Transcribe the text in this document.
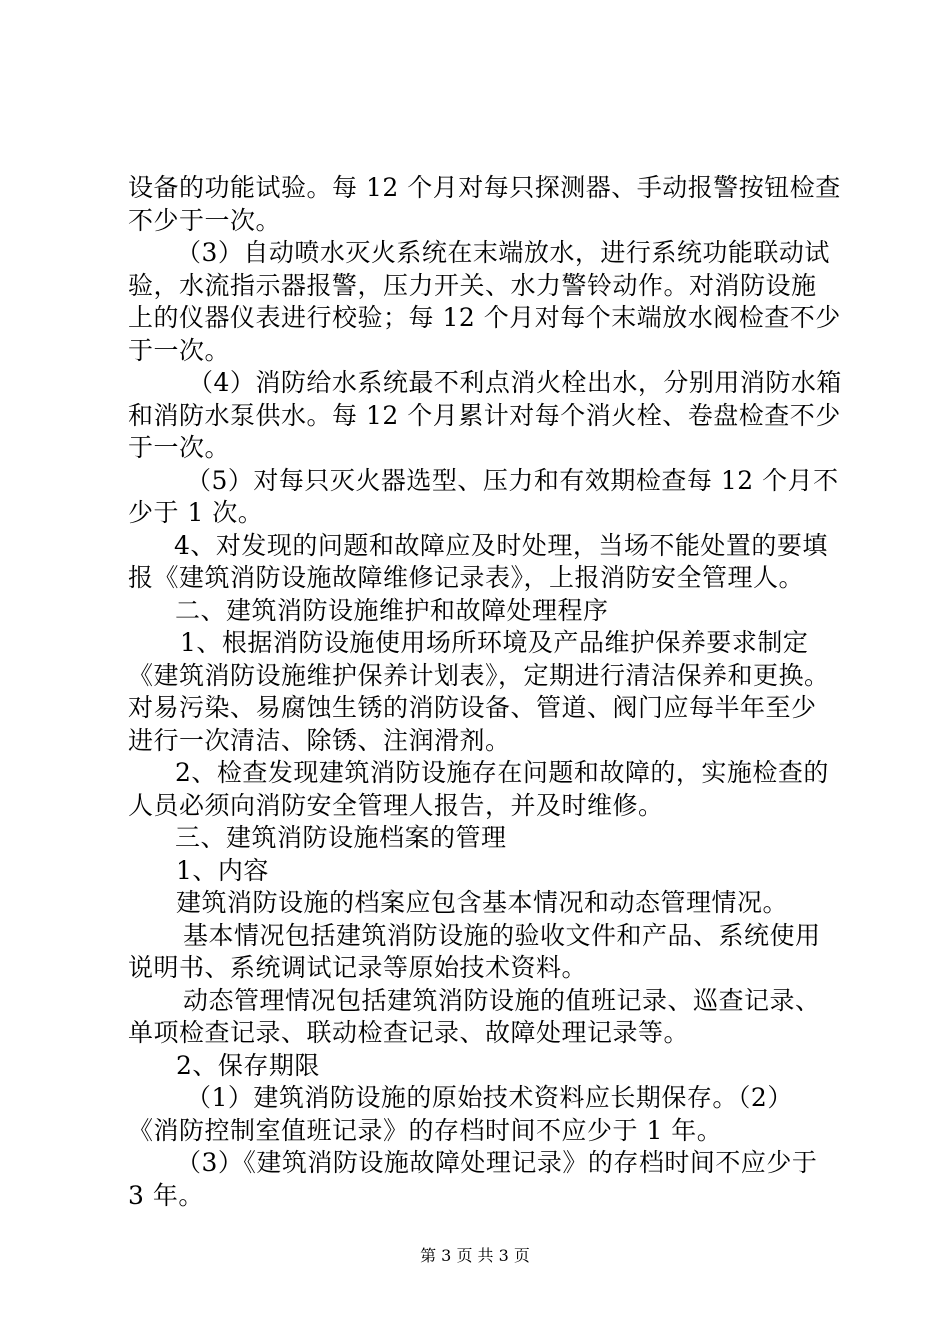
设备的功能试验。每 12 个月对每只探测器、手动报警按钮检查
不少于一次。
（3）自动喷水灭火系统在末端放水，进行系统功能联动试
验，水流指示器报警，压力开关、水力警铃动作。对消防设施
上的仪器仪表进行校验；每 12 个月对每个末端放水阀检查不少
于一次。
（4）消防给水系统最不利点消火栓出水，分别用消防水箱
和消防水泵供水。每 12 个月累计对每个消火栓、卷盘检查不少
于一次。
（5）对每只灭火器选型、压力和有效期检查每 12 个月不
少于 1 次。
4、对发现的问题和故障应及时处理，当场不能处置的要填
报《建筑消防设施故障维修记录表》，上报消防安全管理人。
二、建筑消防设施维护和故障处理程序
1、根据消防设施使用场所环境及产品维护保养要求制定
《建筑消防设施维护保养计划表》，定期进行清洁保养和更换。
对易污染、易腐蚀生锈的消防设备、管道、阀门应每半年至少
进行一次清洁、除锈、注润滑剂。
2、检查发现建筑消防设施存在问题和故障的，实施检查的
人员必须向消防安全管理人报告，并及时维修。
三、建筑消防设施档案的管理
1、内容
建筑消防设施的档案应包含基本情况和动态管理情况。
基本情况包括建筑消防设施的验收文件和产品、系统使用
说明书、系统调试记录等原始技术资料。
动态管理情况包括建筑消防设施的值班记录、巡查记录、
单项检查记录、联动检查记录、故障处理记录等。
2、保存期限
（1）建筑消防设施的原始技术资料应长期保存。（2）
《消防控制室值班记录》的存档时间不应少于 1 年。
（3）《建筑消防设施故障处理记录》的存档时间不应少于
3 年。
第 3 页 共 3 页
